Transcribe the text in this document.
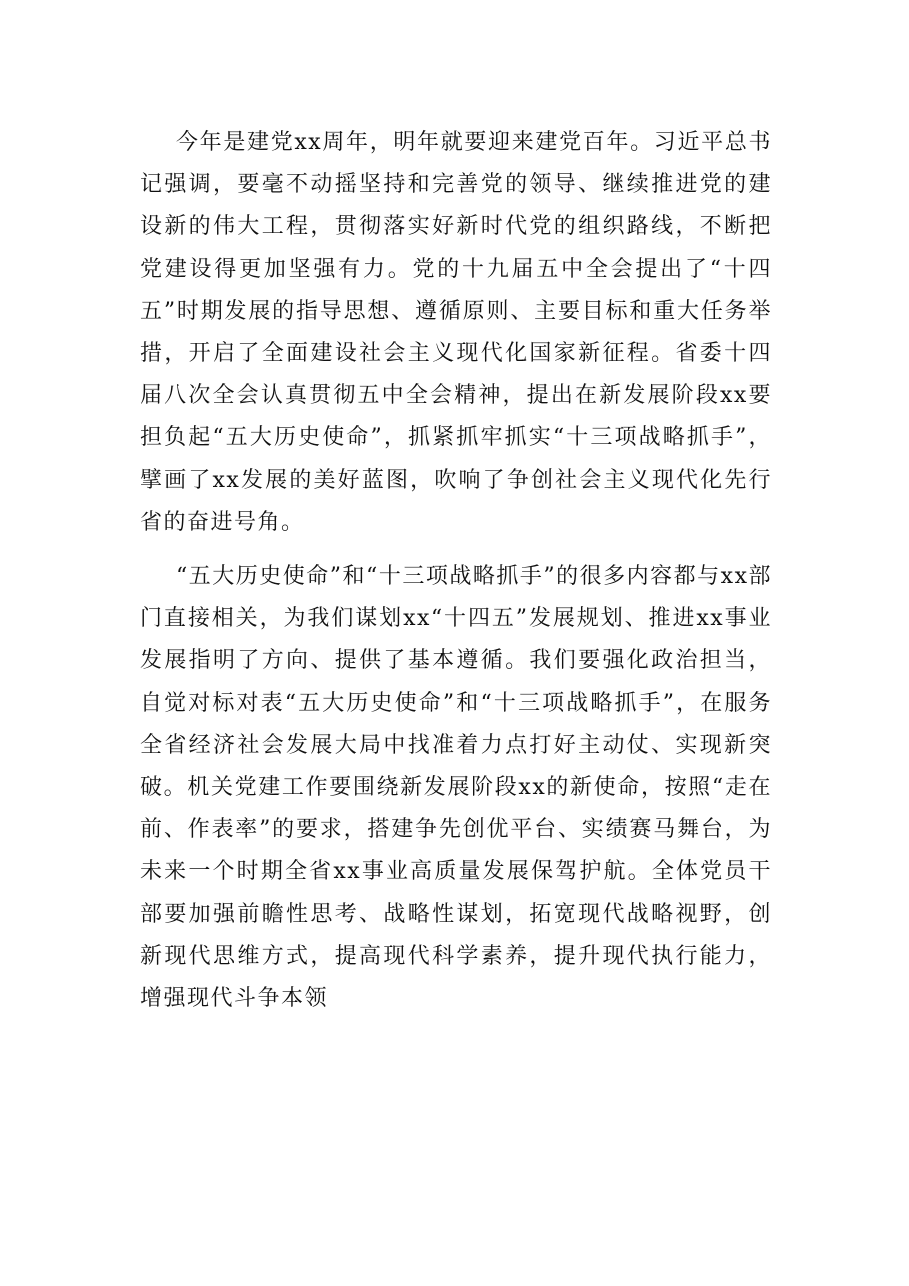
今年是建党xx周年，明年就要迎来建党百年。习近平总书记强调，要毫不动摇坚持和完善党的领导、继续推进党的建设新的伟大工程，贯彻落实好新时代党的组织路线，不断把党建设得更加坚强有力。党的十九届五中全会提出了“十四五”时期发展的指导思想、遵循原则、主要目标和重大任务举措，开启了全面建设社会主义现代化国家新征程。省委十四届八次全会认真贯彻五中全会精神，提出在新发展阶段xx要担负起“五大历史使命”，抓紧抓牢抓实“十三项战略抓手”，擘画了xx发展的美好蓝图，吹响了争创社会主义现代化先行省的奋进号角。

“五大历史使命”和“十三项战略抓手”的很多内容都与xx部门直接相关，为我们谋划xx“十四五”发展规划、推进xx事业发展指明了方向、提供了基本遵循。我们要强化政治担当，自觉对标对表“五大历史使命”和“十三项战略抓手”，在服务全省经济社会发展大局中找准着力点打好主动仗、实现新突破。机关党建工作要围绕新发展阶段xx的新使命，按照“走在前、作表率”的要求，搭建争先创优平台、实绩赛马舞台，为未来一个时期全省xx事业高质量发展保驾护航。全体党员干部要加强前瞻性思考、战略性谋划，拓宽现代战略视野，创新现代思维方式，提高现代科学素养，提升现代执行能力，增强现代斗争本领
